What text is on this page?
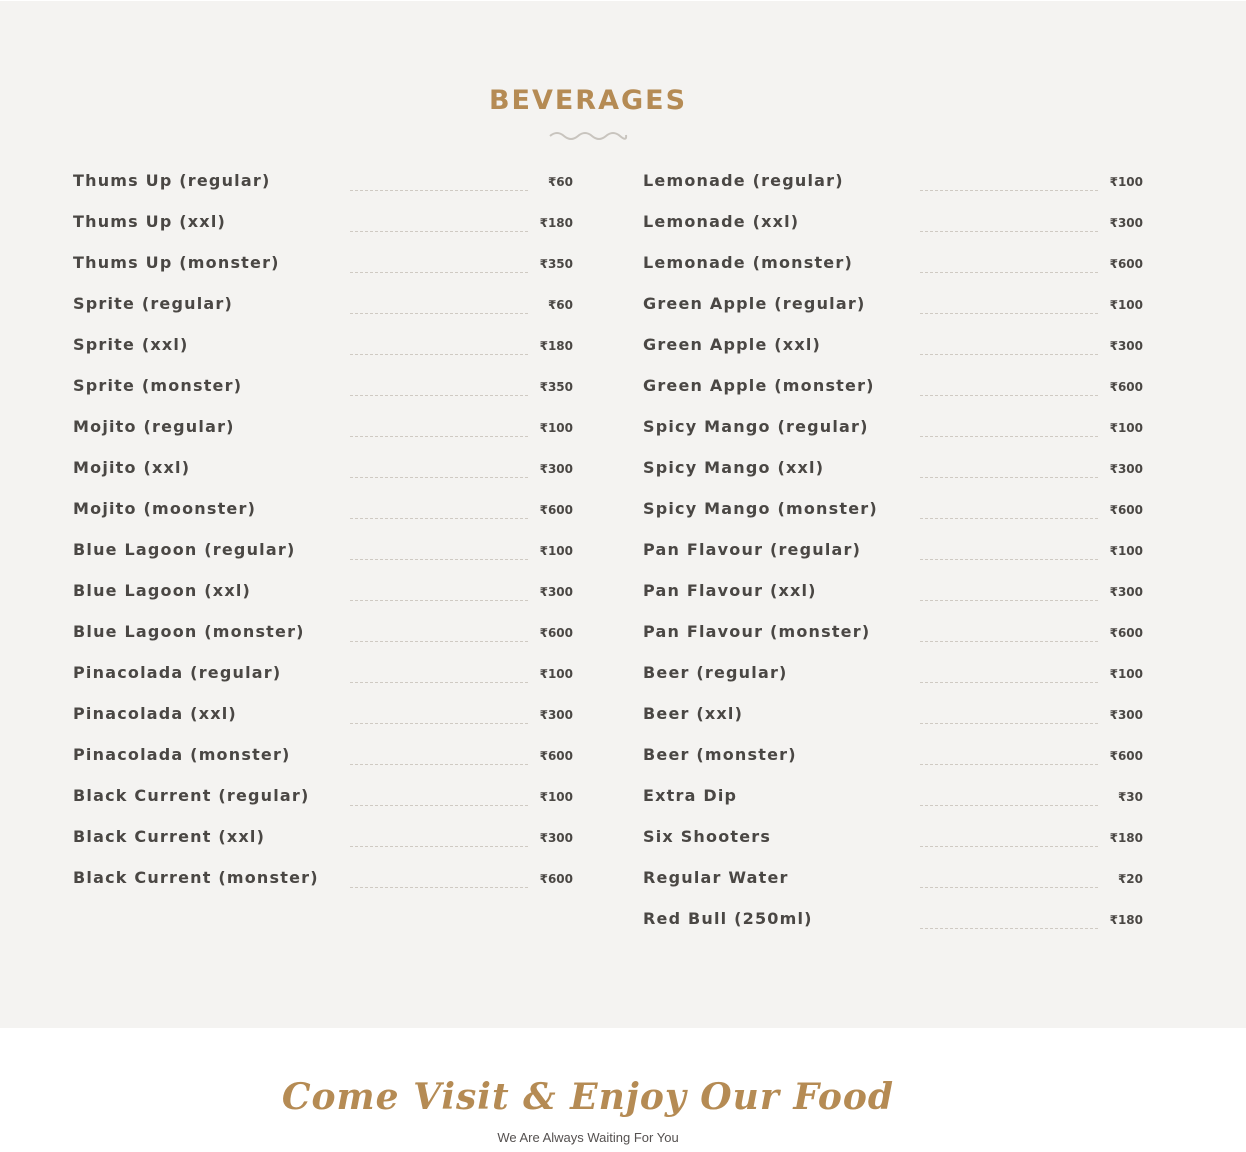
BEVERAGES
Thums Up (regular)	₹60
Thums Up (xxl)	₹180
Thums Up (monster)	₹350
Sprite (regular)	₹60
Sprite (xxl)	₹180
Sprite (monster)	₹350
Mojito (regular)	₹100
Mojito (xxl)	₹300
Mojito (moonster)	₹600
Blue Lagoon (regular)	₹100
Blue Lagoon (xxl)	₹300
Blue Lagoon (monster)	₹600
Pinacolada (regular)	₹100
Pinacolada (xxl)	₹300
Pinacolada (monster)	₹600
Black Current (regular)	₹100
Black Current (xxl)	₹300
Black Current (monster)	₹600
Lemonade (regular)	₹100
Lemonade (xxl)	₹300
Lemonade (monster)	₹600
Green Apple (regular)	₹100
Green Apple (xxl)	₹300
Green Apple (monster)	₹600
Spicy Mango (regular)	₹100
Spicy Mango (xxl)	₹300
Spicy Mango (monster)	₹600
Pan Flavour (regular)	₹100
Pan Flavour (xxl)	₹300
Pan Flavour (monster)	₹600
Beer (regular)	₹100
Beer (xxl)	₹300
Beer (monster)	₹600
Extra Dip	₹30
Six Shooters	₹180
Regular Water	₹20
Red Bull (250ml)	₹180
Come Visit & Enjoy Our Food
We Are Always Waiting For You
